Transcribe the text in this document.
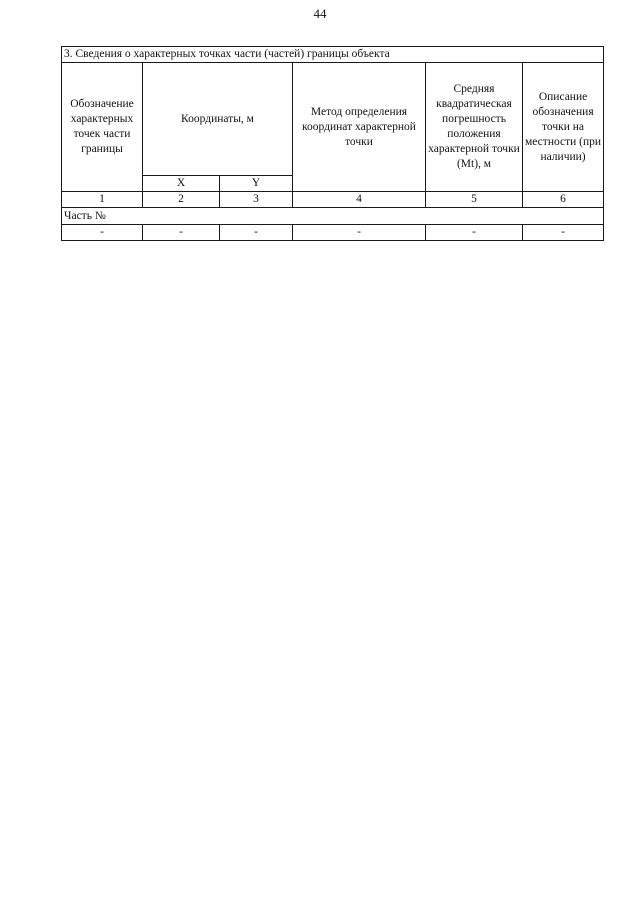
44
3. Сведения о характерных точках части (частей) границы объекта					
Обозначение характерных точек части границы	Координаты, м		Метод определения координат характерной точки	Средняя квадратическая погрешность положения характерной точки (Mt), м	Описание обозначения точки на местности (при наличии)
	X	Y			
1	2	3	4	5	6
Часть №					
-	-	-	-	-	-
